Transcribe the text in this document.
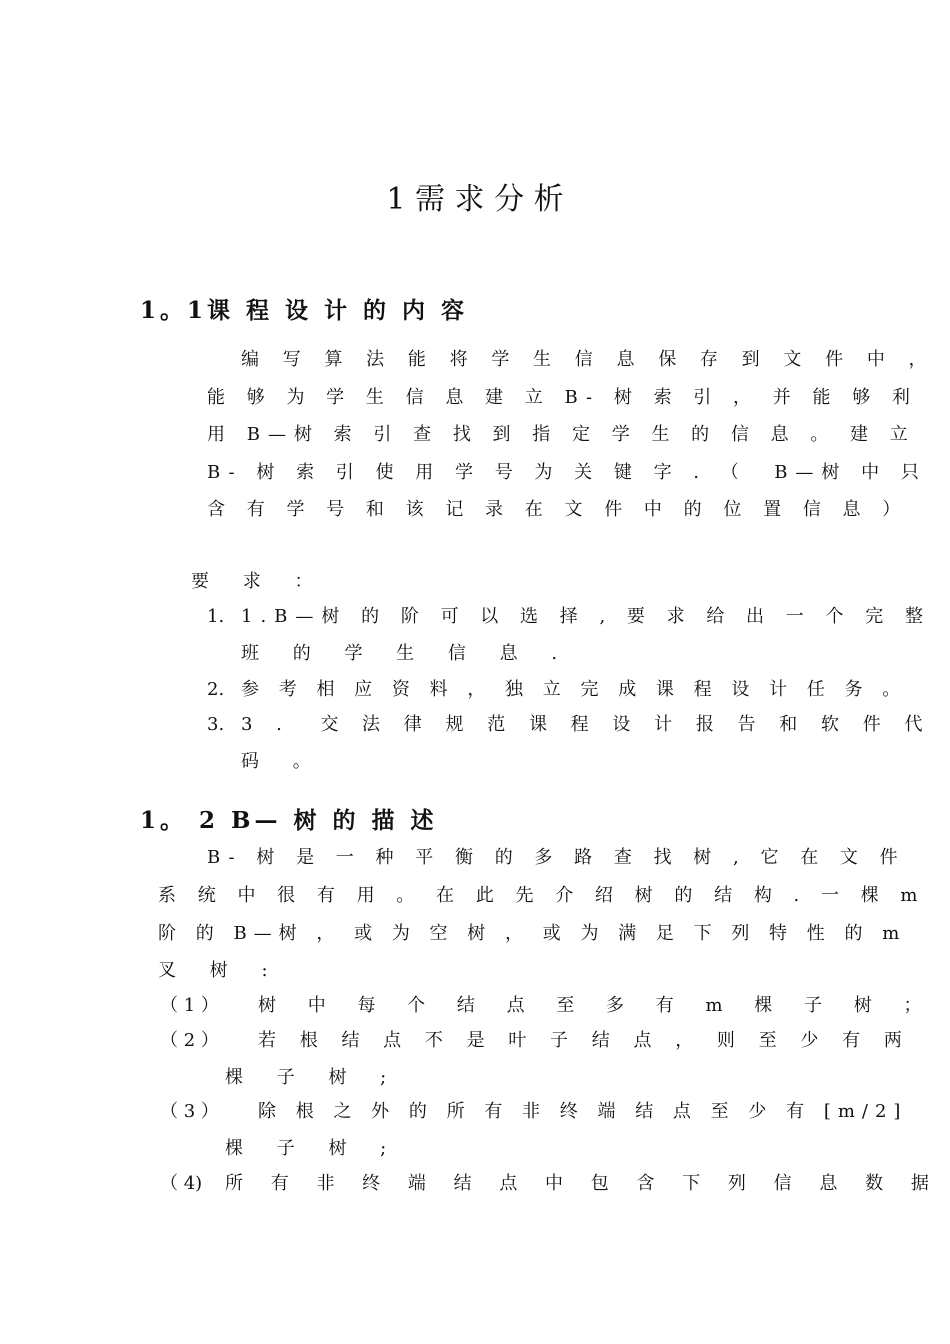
1 需 求 分 析
1。1课 程 设 计 的 内 容
编 写 算 法 能 将 学 生 信 息 保 存 到 文 件 中 ，
能 够 为 学 生 信 息 建 立 B- 树 索 引 ， 并 能 够 利
用 B—树 索 引 查 找 到 指 定 学 生 的 信 息 。 建 立
B- 树 索 引 使 用 学 号 为 关 键 字 . （  B—树 中 只
含 有 学 号 和 该 记 录 在 文 件 中 的 位 置 信 息 ）
要 求 ：
1. 1.B—树 的 阶 可 以 选 择 , 要 求 给 出 一 个 完 整
班 的 学 生 信 息 .
2. 参 考 相 应 资 料 ， 独 立 完 成 课 程 设 计 任 务 。
3. 3 .  交 法 律 规 范 课 程 设 计 报 告 和 软 件 代
码 。
1。 2 B— 树 的 描 述
B- 树 是 一 种 平 衡 的 多 路 查 找 树 , 它 在 文 件
系 统 中 很 有 用 。 在 此 先 介 绍 树 的 结 构 . 一 棵 m
阶 的 B—树 ， 或 为 空 树 ， 或 为 满 足 下 列 特 性 的 m
叉 树 :
（ 1 ） 树 中 每 个 结 点 至 多 有 m 棵 子 树 ；
（ 2 ） 若 根 结 点 不 是 叶 子 结 点 ， 则 至 少 有 两
棵 子 树 ;
（ 3 ） 除 根 之 外 的 所 有 非 终 端 结 点 至 少 有 [m/2]
棵 子 树 ;
（ 4) 所 有 非 终 端 结 点 中 包 含 下 列 信 息 数 据
